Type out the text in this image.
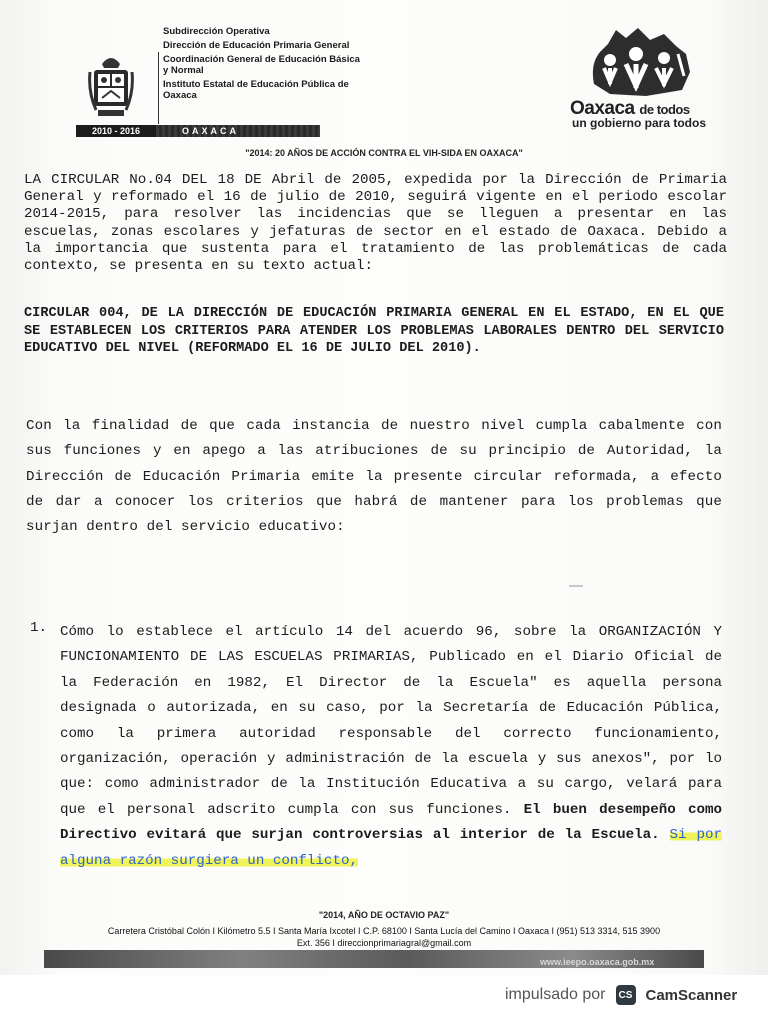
2010 - 2016	OAXACA
Subdirección Operativa
Dirección de Educación Primaria General
Coordinación General de Educación Básica y Normal
Instituto Estatal de Educación Pública de Oaxaca
Oaxaca de todos
un gobierno para todos
"2014: 20 AÑOS DE ACCIÓN CONTRA EL VIH-SIDA EN OAXACA"
LA CIRCULAR No.04 DEL 18 DE Abril de 2005, expedida por la Dirección de Primaria General y reformado el 16 de julio de 2010, seguirá vigente en el periodo escolar 2014-2015, para resolver las incidencias que se lleguen a presentar en las escuelas, zonas escolares y jefaturas de sector en el estado de Oaxaca. Debido a la importancia que sustenta para el tratamiento de las problemáticas de cada contexto, se presenta en su texto actual:
CIRCULAR 004, DE LA DIRECCIÓN DE EDUCACIÓN PRIMARIA GENERAL EN EL ESTADO, EN EL QUE SE ESTABLECEN LOS CRITERIOS PARA ATENDER LOS PROBLEMAS LABORALES DENTRO DEL SERVICIO EDUCATIVO DEL NIVEL (REFORMADO EL 16 DE JULIO DEL 2010).
Con la finalidad de que cada instancia de nuestro nivel cumpla cabalmente con sus funciones y en apego a las atribuciones de su principio de Autoridad, la Dirección de Educación Primaria emite la presente circular reformada, a efecto de dar a conocer los criterios que habrá de mantener para los problemas que surjan dentro del servicio educativo:
1. Cómo lo establece el artículo 14 del acuerdo 96, sobre la ORGANIZACIÓN Y FUNCIONAMIENTO DE LAS ESCUELAS PRIMARIAS, Publicado en el Diario Oficial de la Federación en 1982, El Director de la Escuela" es aquella persona designada o autorizada, en su caso, por la Secretaría de Educación Pública, como la primera autoridad responsable del correcto funcionamiento, organización, operación y administración de la escuela y sus anexos", por lo que: como administrador de la Institución Educativa a su cargo, velará para que el personal adscrito cumpla con sus funciones. El buen desempeño como Directivo evitará que surjan controversias al interior de la Escuela. Si por alguna razón surgiera un conflicto,
"2014, AÑO DE OCTAVIO PAZ"
Carretera Cristóbal Colón I Kilómetro 5.5 I Santa María Ixcotel I C.P. 68100 I Santa Lucía del Camino I Oaxaca I (951) 513 3314, 515 3900
Ext. 356 I direccionprimariagral@gmail.com
www.ieepo.oaxaca.gob.mx
impulsado por	CS CamScanner
